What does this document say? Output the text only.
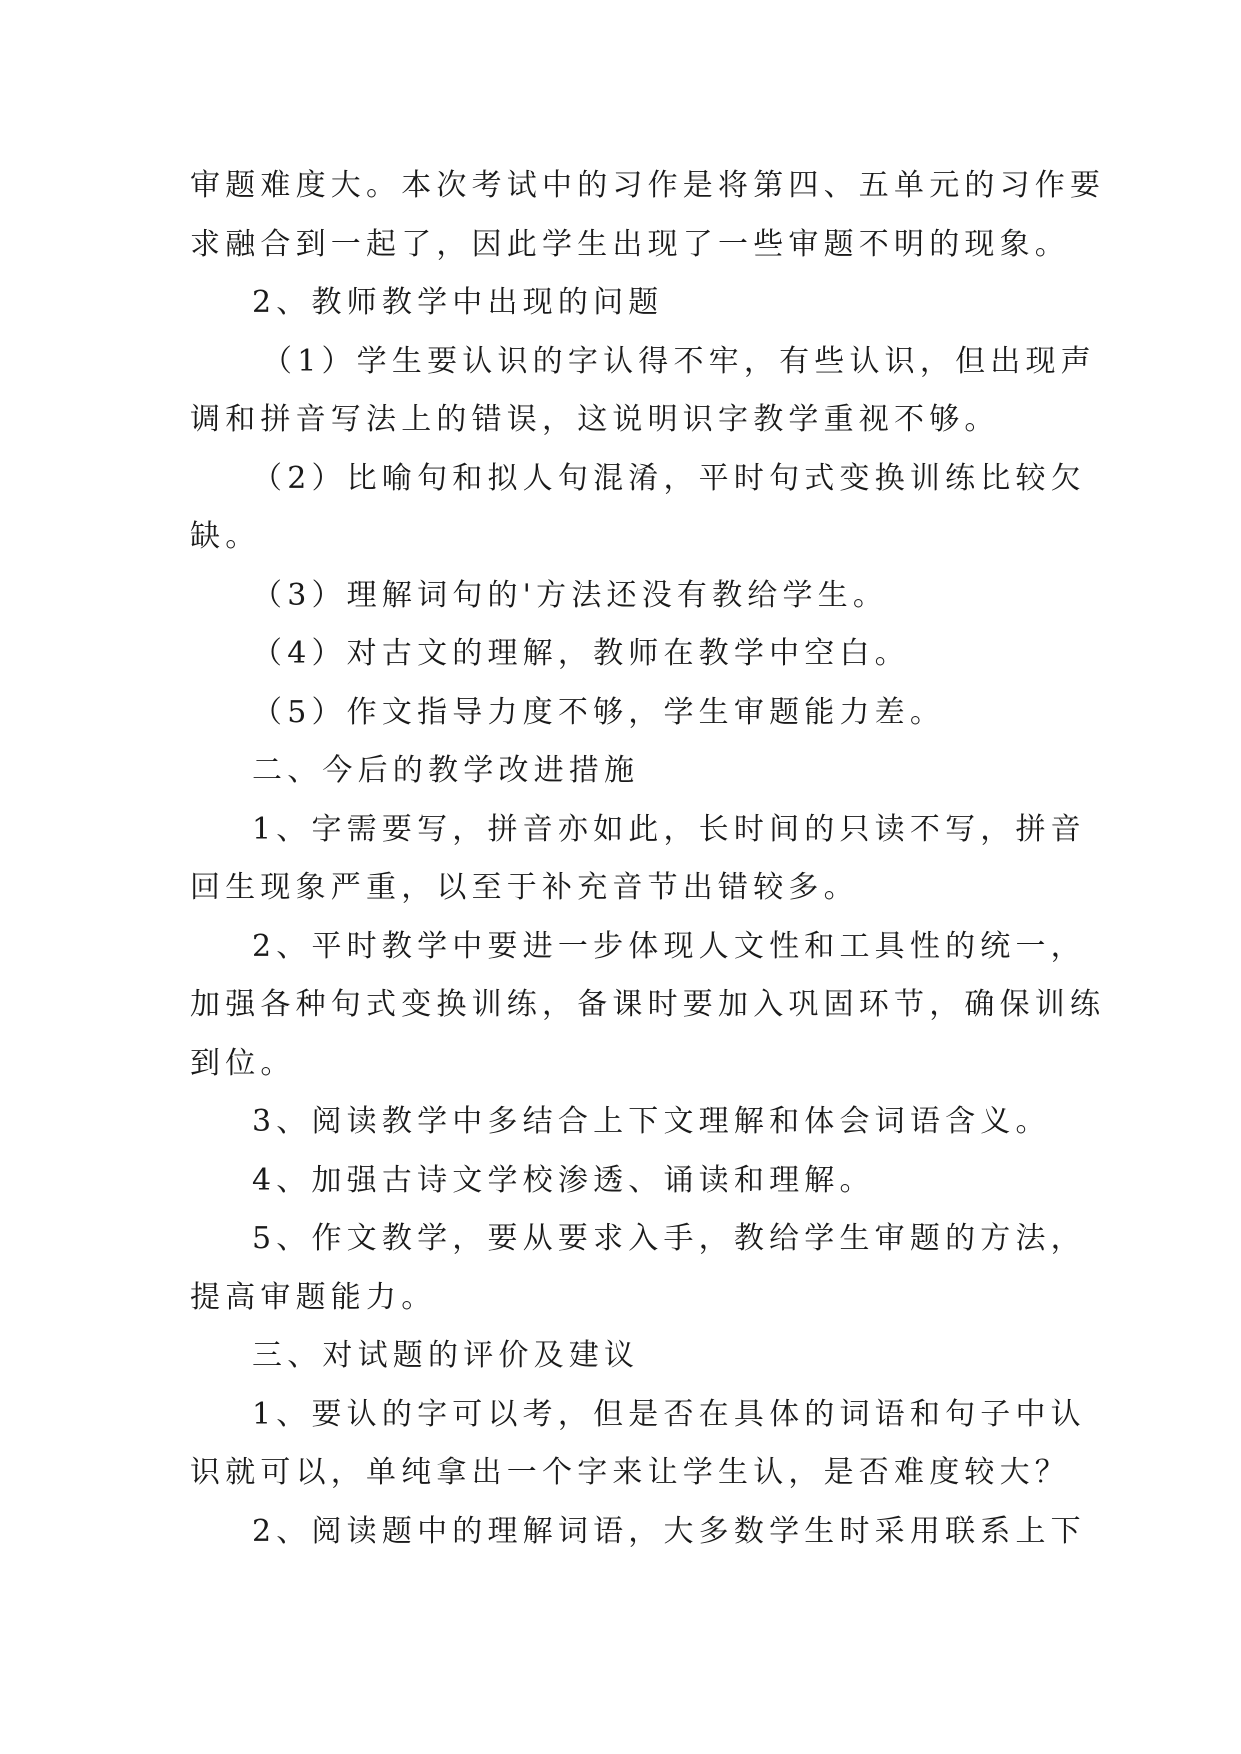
审题难度大。本次考试中的习作是将第四、五单元的习作要

求融合到一起了，因此学生出现了一些审题不明的现象。

2、教师教学中出现的问题

（1）学生要认识的字认得不牢，有些认识，但出现声

调和拼音写法上的错误，这说明识字教学重视不够。

（2）比喻句和拟人句混淆，平时句式变换训练比较欠

缺。

（3）理解词句的'方法还没有教给学生。

（4）对古文的理解，教师在教学中空白。

（5）作文指导力度不够，学生审题能力差。

二、今后的教学改进措施

1、字需要写，拼音亦如此，长时间的只读不写，拼音

回生现象严重，以至于补充音节出错较多。

2、平时教学中要进一步体现人文性和工具性的统一，

加强各种句式变换训练，备课时要加入巩固环节，确保训练

到位。

3、阅读教学中多结合上下文理解和体会词语含义。

4、加强古诗文学校渗透、诵读和理解。

5、作文教学，要从要求入手，教给学生审题的方法，

提高审题能力。

三、对试题的评价及建议

1、要认的字可以考，但是否在具体的词语和句子中认

识就可以，单纯拿出一个字来让学生认，是否难度较大？

2、阅读题中的理解词语，大多数学生时采用联系上下
